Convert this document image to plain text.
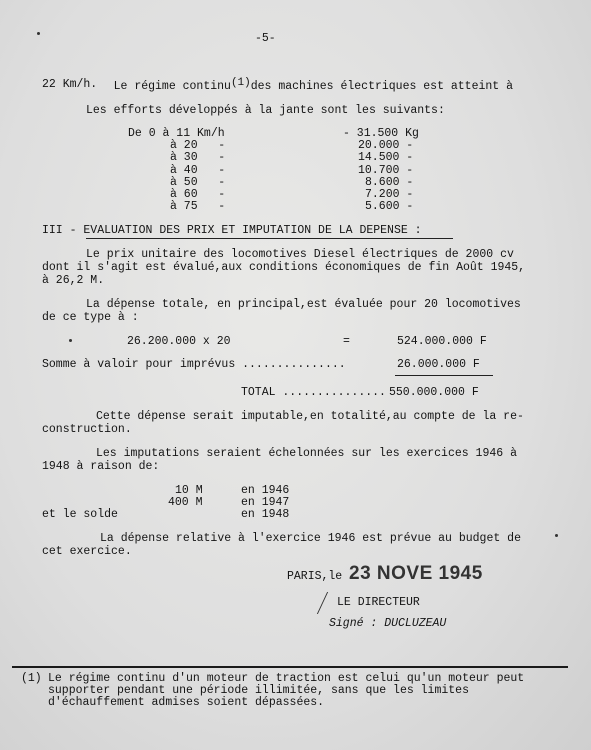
-5-

Le régime continu$^{(1)}$des machines électriques est atteint à

22 Km/h.
Les efforts développés à la jante sont les suivants:
De 0 à 11 Km/h	- 31.500 Kg
à 20   -	20.000 -
à 30   -	14.500 -
à 40   -	10.700 -
à 50   -	8.600 -
à 60   -	7.200 -
à 75   -	5.600 -
III - EVALUATION DES PRIX ET IMPUTATION DE LA DEPENSE :
Le prix unitaire des locomotives Diesel électriques de 2000 cv
dont il s'agit est évalué,aux conditions économiques de fin Août 1945,
à 26,2 M.
La dépense totale, en principal,est évaluée pour 20 locomotives
de ce type à :
26.200.000 x 20	=	524.000.000 F
Somme à valoir pour imprévus ...............	26.000.000 F
TOTAL ............... 550.000.000 F
Cette dépense serait imputable,en totalité,au compte de la re-
construction.
Les imputations seraient échelonnées sur les exercices 1946 à
1948 à raison de:
10 M	en 1946
400 M	en 1947
et le solde	en 1948
La dépense relative à l'exercice 1946 est prévue au budget de
cet exercice.
PARIS,le 23 NOVE 1945
LE DIRECTEUR
Signé : DUCLUZEAU
(1) Le régime continu d'un moteur de traction est celui qu'un moteur peut
supporter pendant une période illimitée, sans que les limites
d'échauffement admises soient dépassées.
